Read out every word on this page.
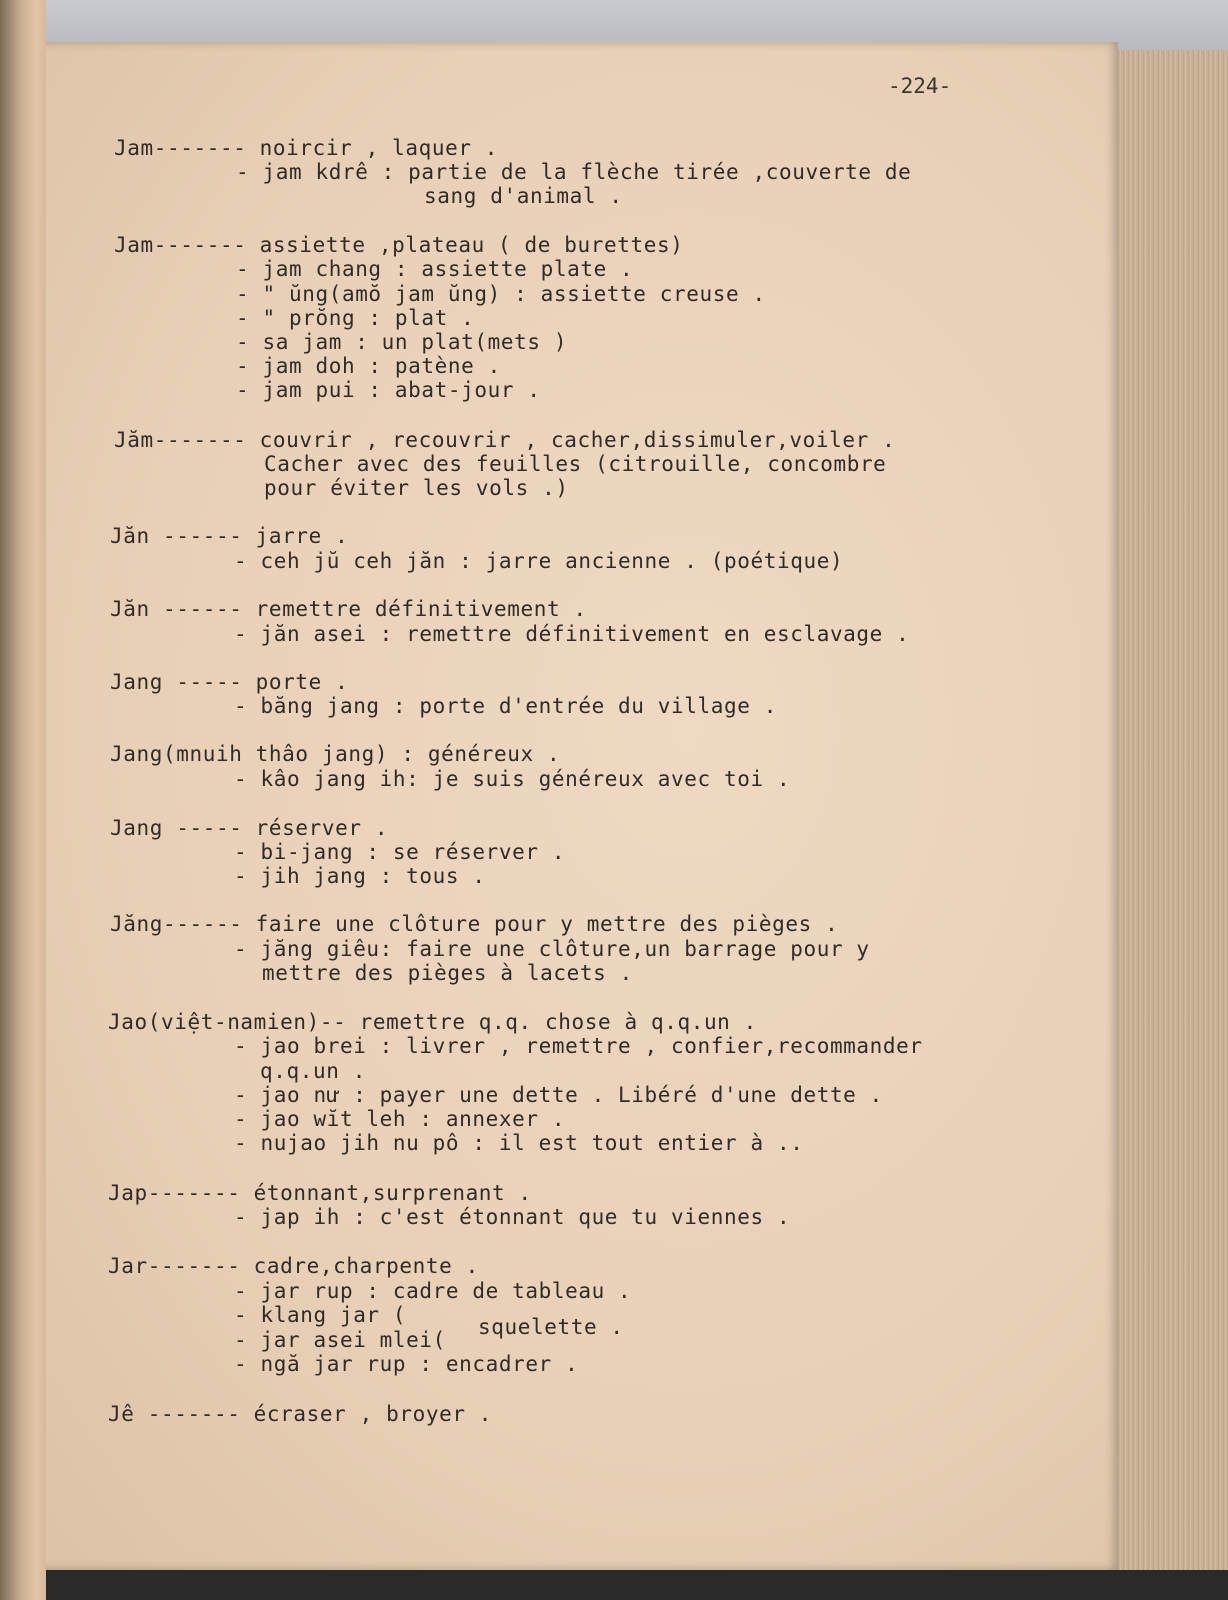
-224-
Jam------- noircir , laquer .
- jam kdrê : partie de la flèche tirée ,couverte de
sang d'animal .
Jam------- assiette ,plateau ( de burettes)
- jam chang : assiette plate .
- " ŭng(amŏ jam ŭng) : assiette creuse .
- " prŏng : plat .
- sa jam : un plat(mets )
- jam doh : patène .
- jam pui : abat-jour .
Jăm------- couvrir , recouvrir , cacher,dissimuler,voiler .
Cacher avec des feuilles (citrouille, concombre
pour éviter les vols .)
Jăn ------ jarre .
- ceh jŭ ceh jăn : jarre ancienne . (poétique)
Jăn ------ remettre définitivement .
- jăn asei : remettre définitivement en esclavage .
Jang ----- porte .
- băng jang : porte d'entrée du village .
Jang(mnuih thâo jang) : généreux .
- kâo jang ih: je suis généreux avec toi .
Jang ----- réserver .
- bi-jang : se réserver .
- jih jang : tous .
Jăng------ faire une clôture pour y mettre des pièges .
- jăng giêu: faire une clôture,un barrage pour y
mettre des pièges à lacets .
Jao(việt-namien)-- remettre q.q. chose à q.q.un .
- jao brei : livrer , remettre , confier,recommander
q.q.un .
- jao nư : payer une dette . Libéré d'une dette .
- jao wĭt leh : annexer .
- nujao jih nu pô : il est tout entier à ..
Jap------- étonnant,surprenant .
- jap ih : c'est étonnant que tu viennes .
Jar------- cadre,charpente .
- jar rup : cadre de tableau .
- klang jar (	squelette .
- jar asei mlei(
- ngă jar rup : encadrer .
Jê ------- écraser , broyer .
